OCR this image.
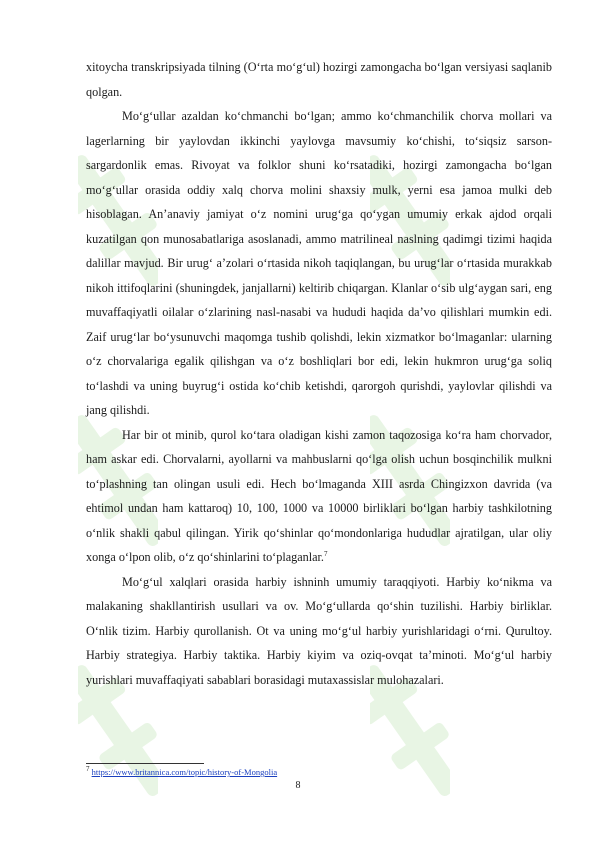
xitoycha transkripsiyada tilning (O‘rta mo‘g‘ul) hozirgi zamongacha bo‘lgan versiyasi saqlanib qolgan.

Mo‘g‘ullar azaldan ko‘chmanchi bo‘lgan; ammo ko‘chmanchilik chorva mollari va lagerlarning bir yaylovdan ikkinchi yaylovga mavsumiy ko‘chishi, to‘siqsiz sarson-sargardonlik emas. Rivoyat va folklor shuni ko‘rsatadiki, hozirgi zamongacha bo‘lgan mo‘g‘ullar orasida oddiy xalq chorva molini shaxsiy mulk, yerni esa jamoa mulki deb hisoblagan. An’anaviy jamiyat o‘z nomini urug‘ga qo‘ygan umumiy erkak ajdod orqali kuzatilgan qon munosabatlariga asoslanadi, ammo matrilineal naslning qadimgi tizimi haqida dalillar mavjud. Bir urug‘ a’zolari o‘rtasida nikoh taqiqlangan, bu urug‘lar o‘rtasida murakkab nikoh ittifoqlarini (shuningdek, janjallarni) keltirib chiqargan. Klanlar o‘sib ulg‘aygan sari, eng muvaffaqiyatli oilalar o‘zlarining nasl-nasabi va hududi haqida da’vo qilishlari mumkin edi. Zaif urug‘lar bo‘ysunuvchi maqomga tushib qolishdi, lekin xizmatkor bo‘lmaganlar: ularning o‘z chorvalariga egalik qilishgan va o‘z boshliqlari bor edi, lekin hukmron urug‘ga soliq to‘lashdi va uning buyrug‘i ostida ko‘chib ketishdi, qarorgoh qurishdi, yaylovlar qilishdi va jang qilishdi.

Har bir ot minib, qurol ko‘tara oladigan kishi zamon taqozosiga ko‘ra ham chorvador, ham askar edi. Chorvalarni, ayollarni va mahbuslarni qo‘lga olish uchun bosqinchilik mulkni to‘plashning tan olingan usuli edi. Hech bo‘lmaganda XIII asrda Chingizxon davrida (va ehtimol undan ham kattaroq) 10, 100, 1000 va 10000 birliklari bo‘lgan harbiy tashkilotning o‘nlik shakli qabul qilingan. Yirik qo‘shinlar qo‘mondonlariga hududlar ajratilgan, ular oliy xonga o‘lpon olib, o‘z qo‘shinlarini to‘plaganlar.$^7$

Mo‘g‘ul xalqlari orasida harbiy ishninh umumiy taraqqiyoti. Harbiy ko‘nikma va malakaning shakllantirish usullari va ov. Mo‘g‘ullarda qo‘shin tuzilishi. Harbiy birliklar. O‘nlik tizim. Harbiy qurollanish. Ot va uning mo‘g‘ul harbiy yurishlaridagi o‘rni. Qurultoy. Harbiy strategiya. Harbiy taktika. Harbiy kiyim va oziq-ovqat ta’minoti. Mo‘g‘ul harbiy yurishlari muvaffaqiyati sabablari borasidagi mutaxassislar mulohazalari.

$^7$ https://www.britannica.com/topic/history-of-Mongolia
8
